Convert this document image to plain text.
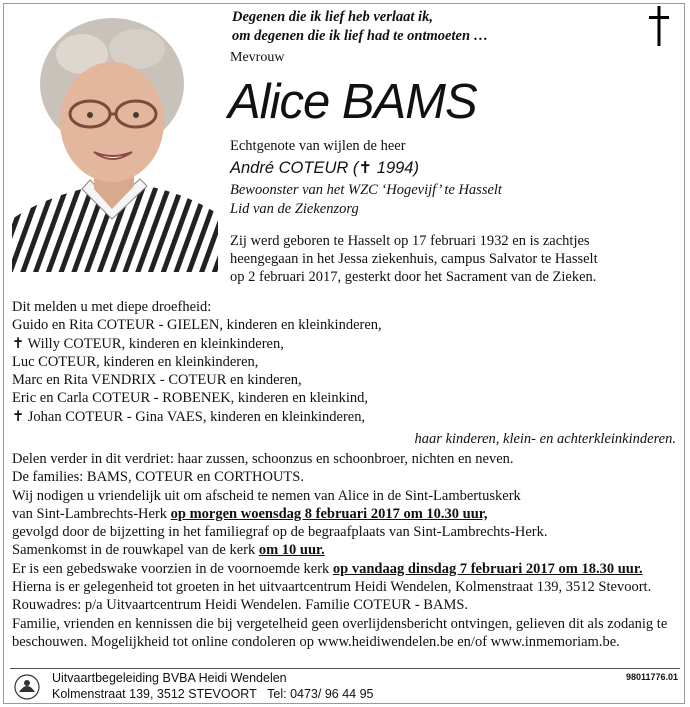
Degenen die ik lief heb verlaat ik,
om degenen die ik lief had te ontmoeten …
Mevrouw
Alice BAMS
Echtgenote van wijlen de heer
André COTEUR (✝ 1994)
Bewoonster van het WZC ‘Hogevijf’ te Hasselt
Lid van de Ziekenzorg
Zij werd geboren te Hasselt op 17 februari 1932 en is zachtjes
heengegaan in het Jessa ziekenhuis, campus Salvator te Hasselt
op 2 februari 2017, gesterkt door het Sacrament van de Zieken.
Dit melden u met diepe droefheid:
Guido en Rita COTEUR - GIELEN, kinderen en kleinkinderen,
✝ Willy COTEUR, kinderen en kleinkinderen,
Luc COTEUR, kinderen en kleinkinderen,
Marc en Rita VENDRIX - COTEUR en kinderen,
Eric en Carla COTEUR - ROBENEK, kinderen en kleinkind,
✝ Johan COTEUR - Gina VAES, kinderen en kleinkinderen,
haar kinderen, klein- en achterkleinkinderen.
Delen verder in dit verdriet: haar zussen, schoonzus en schoonbroer, nichten en neven.
De families: BAMS, COTEUR en CORTHOUTS.
Wij nodigen u vriendelijk uit om afscheid te nemen van Alice in de Sint-Lambertuskerk
van Sint-Lambrechts-Herk op morgen woensdag 8 februari 2017 om 10.30 uur,
gevolgd door de bijzetting in het familiegraf op de begraafplaats van Sint-Lambrechts-Herk.
Samenkomst in de rouwkapel van de kerk om 10 uur.
Er is een gebedswake voorzien in de voornoemde kerk op vandaag dinsdag 7 februari 2017 om 18.30 uur.
Hierna is er gelegenheid tot groeten in het uitvaartcentrum Heidi Wendelen, Kolmenstraat 139, 3512 Stevoort.
Rouwadres: p/a Uitvaartcentrum Heidi Wendelen. Familie COTEUR - BAMS.
Familie, vrienden en kennissen die bij vergetelheid geen overlijdensbericht ontvingen, gelieven dit als zodanig te
beschouwen. Mogelijkheid tot online condoleren op www.heidiwendelen.be en/of www.inmemoriam.be.
Uitvaartbegeleiding BVBA Heidi Wendelen
Kolmenstraat 139, 3512 STEVOORT Tel: 0473/ 96 44 95
98011776.01
